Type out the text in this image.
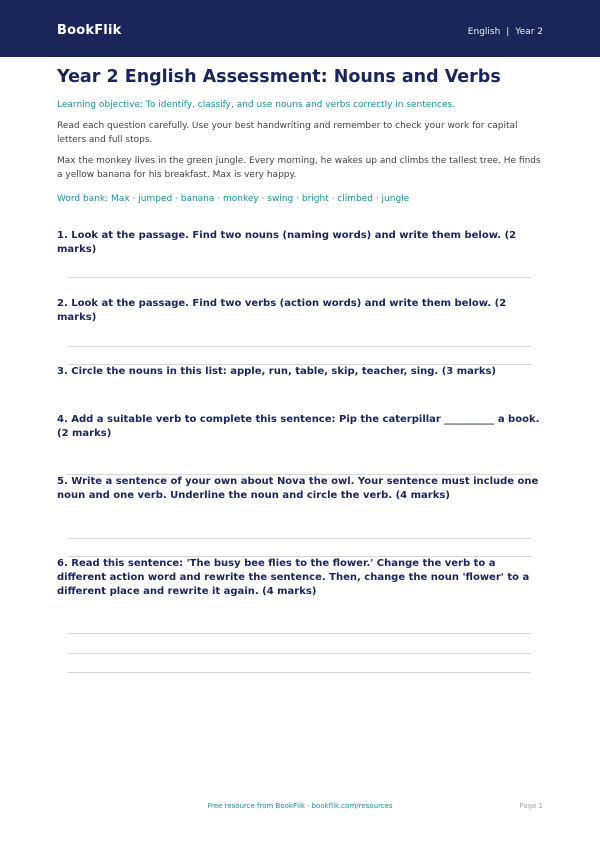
BookFlik	English | Year 2
Year 2 English Assessment: Nouns and Verbs
Learning objective: To identify, classify, and use nouns and verbs correctly in sentences.
Read each question carefully. Use your best handwriting and remember to check your work for capital letters and full stops.
Max the monkey lives in the green jungle. Every morning, he wakes up and climbs the tallest tree. He finds a yellow banana for his breakfast. Max is very happy.
Word bank: Max · jumped · banana · monkey · swing · bright · climbed · jungle
1. Look at the passage. Find two nouns (naming words) and write them below. (2 marks)
2. Look at the passage. Find two verbs (action words) and write them below. (2 marks)
3. Circle the nouns in this list: apple, run, table, skip, teacher, sing. (3 marks)
4. Add a suitable verb to complete this sentence: Pip the caterpillar __________ a book. (2 marks)
5. Write a sentence of your own about Nova the owl. Your sentence must include one noun and one verb. Underline the noun and circle the verb. (4 marks)
6. Read this sentence: 'The busy bee flies to the flower.' Change the verb to a different action word and rewrite the sentence. Then, change the noun 'flower' to a different place and rewrite it again. (4 marks)
Free resource from BookFlik · bookflik.com/resources	Page 1
